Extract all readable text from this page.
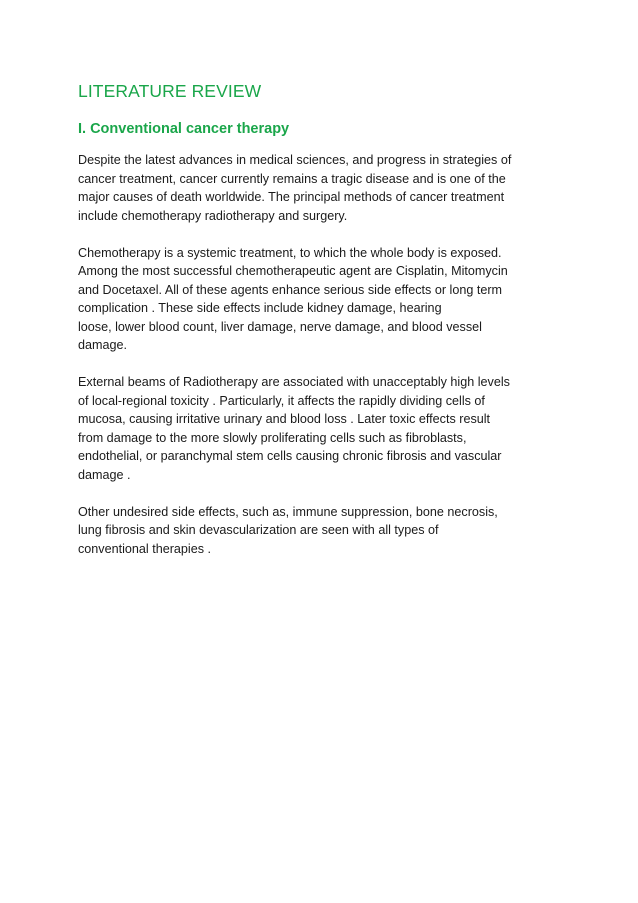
LITERATURE REVIEW
I. Conventional cancer therapy

Despite the latest advances in medical sciences, and progress in strategies of
cancer treatment, cancer currently remains a tragic disease and is one of the
major causes of death worldwide. The principal methods of cancer treatment
include chemotherapy radiotherapy and surgery.

Chemotherapy is a systemic treatment, to which the whole body is exposed.
Among the most successful chemotherapeutic agent are Cisplatin, Mitomycin
and Docetaxel. All of these agents enhance serious side effects or long term
complication . These side effects include kidney damage, hearing
loose, lower blood count, liver damage, nerve damage, and blood vessel
damage.

External beams of Radiotherapy are associated with unacceptably high levels
of local-regional toxicity . Particularly, it affects the rapidly dividing cells of
mucosa, causing irritative urinary and blood loss . Later toxic effects result
from damage to the more slowly proliferating cells such as fibroblasts,
endothelial, or paranchymal stem cells causing chronic fibrosis and vascular
damage .

Other undesired side effects, such as, immune suppression, bone necrosis,
lung fibrosis and skin devascularization are seen with all types of
conventional therapies .
